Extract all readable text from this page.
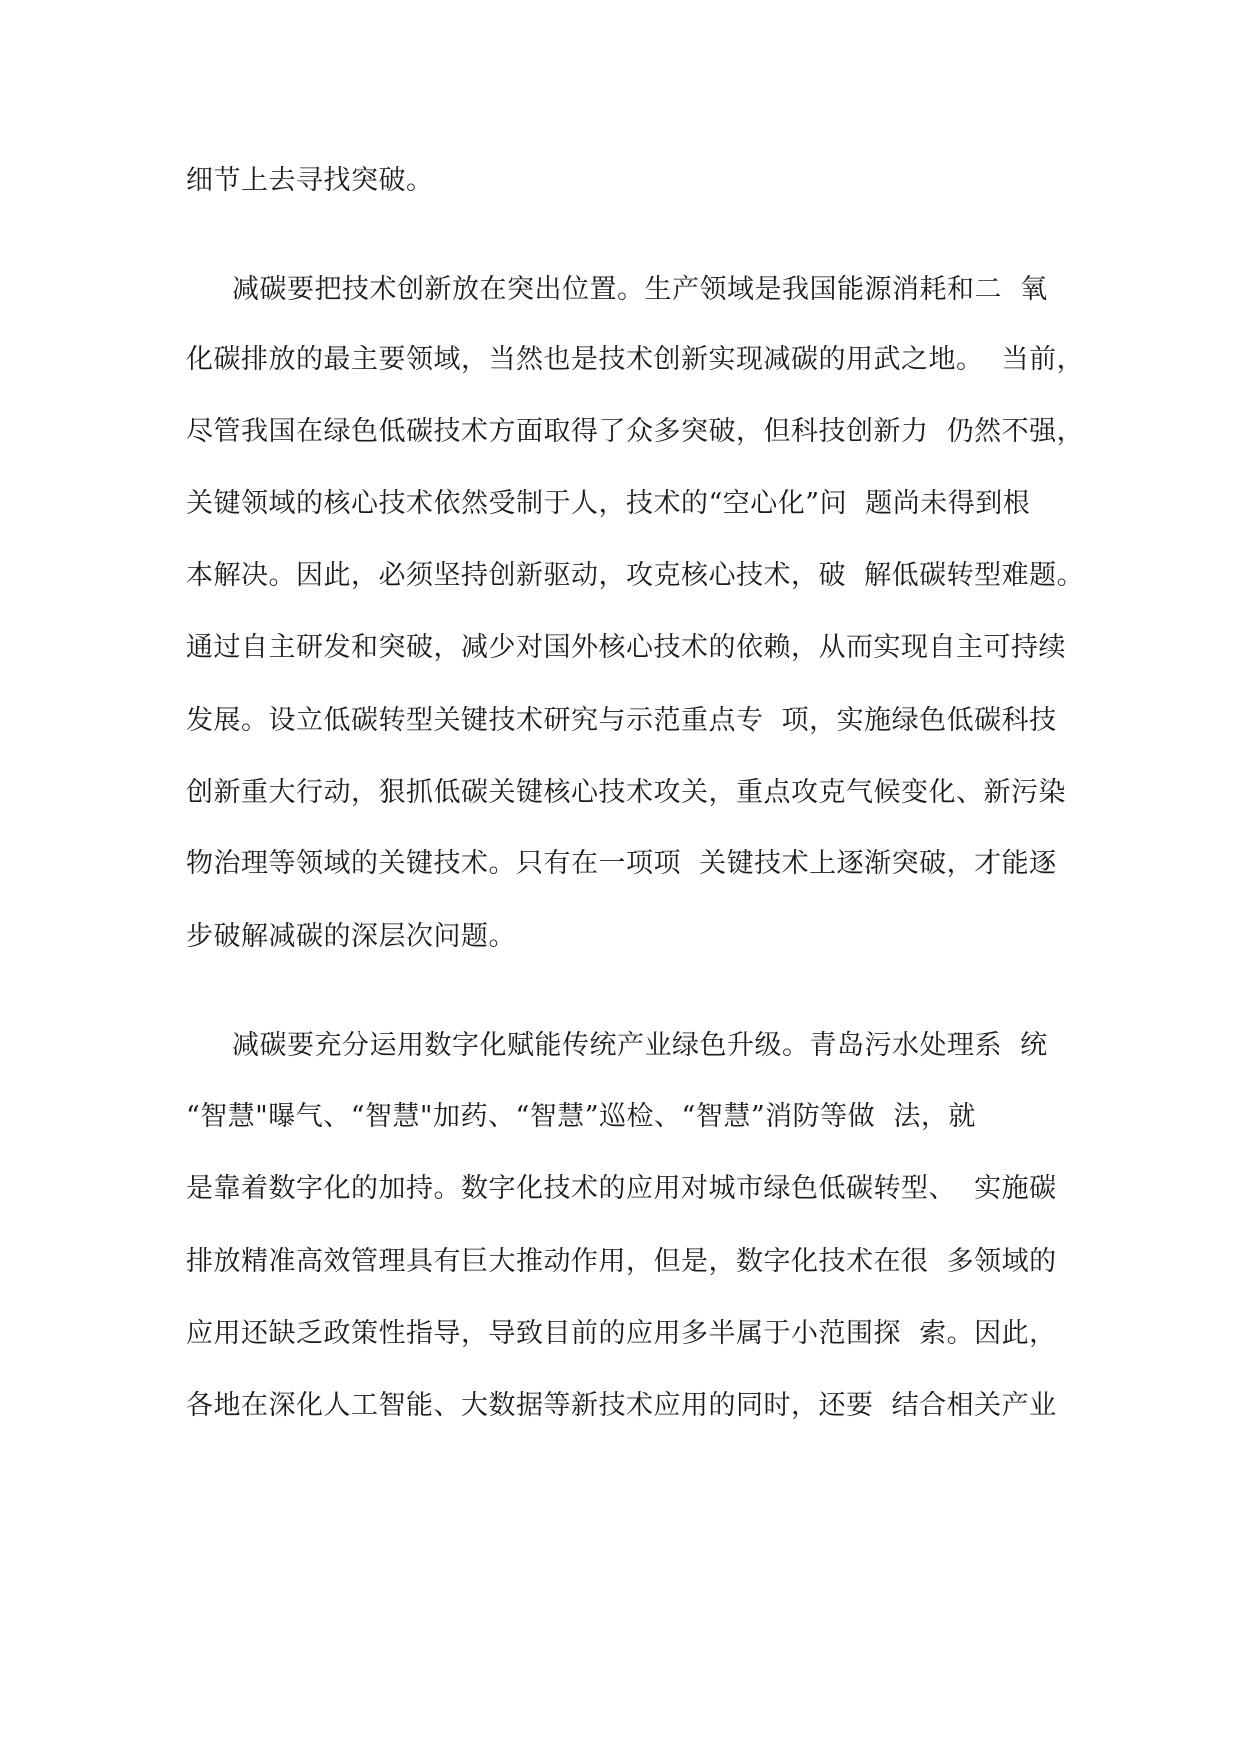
细节上去寻找突破。
减碳要把技术创新放在突出位置。生产领域是我国能源消耗和二  氧
化碳排放的最主要领域，当然也是技术创新实现减碳的用武之地。  当前，
尽管我国在绿色低碳技术方面取得了众多突破，但科技创新力  仍然不强，
关键领域的核心技术依然受制于人，技术的“空心化”问  题尚未得到根
本解决。因此，必须坚持创新驱动，攻克核心技术，破  解低碳转型难题。
通过自主研发和突破，减少对国外核心技术的依赖，从而实现自主可持续
发展。设立低碳转型关键技术研究与示范重点专  项，实施绿色低碳科技
创新重大行动，狠抓低碳关键核心技术攻关，重点攻克气候变化、新污染
物治理等领域的关键技术。只有在一项项  关键技术上逐渐突破，才能逐
步破解减碳的深层次问题。
减碳要充分运用数字化赋能传统产业绿色升级。青岛污水处理系  统
“智慧"曝气、“智慧"加药、“智慧”巡检、“智慧”消防等做  法，就
是靠着数字化的加持。数字化技术的应用对城市绿色低碳转型、  实施碳
排放精准高效管理具有巨大推动作用，但是，数字化技术在很  多领域的
应用还缺乏政策性指导，导致目前的应用多半属于小范围探  索。因此，
各地在深化人工智能、大数据等新技术应用的同时，还要  结合相关产业
